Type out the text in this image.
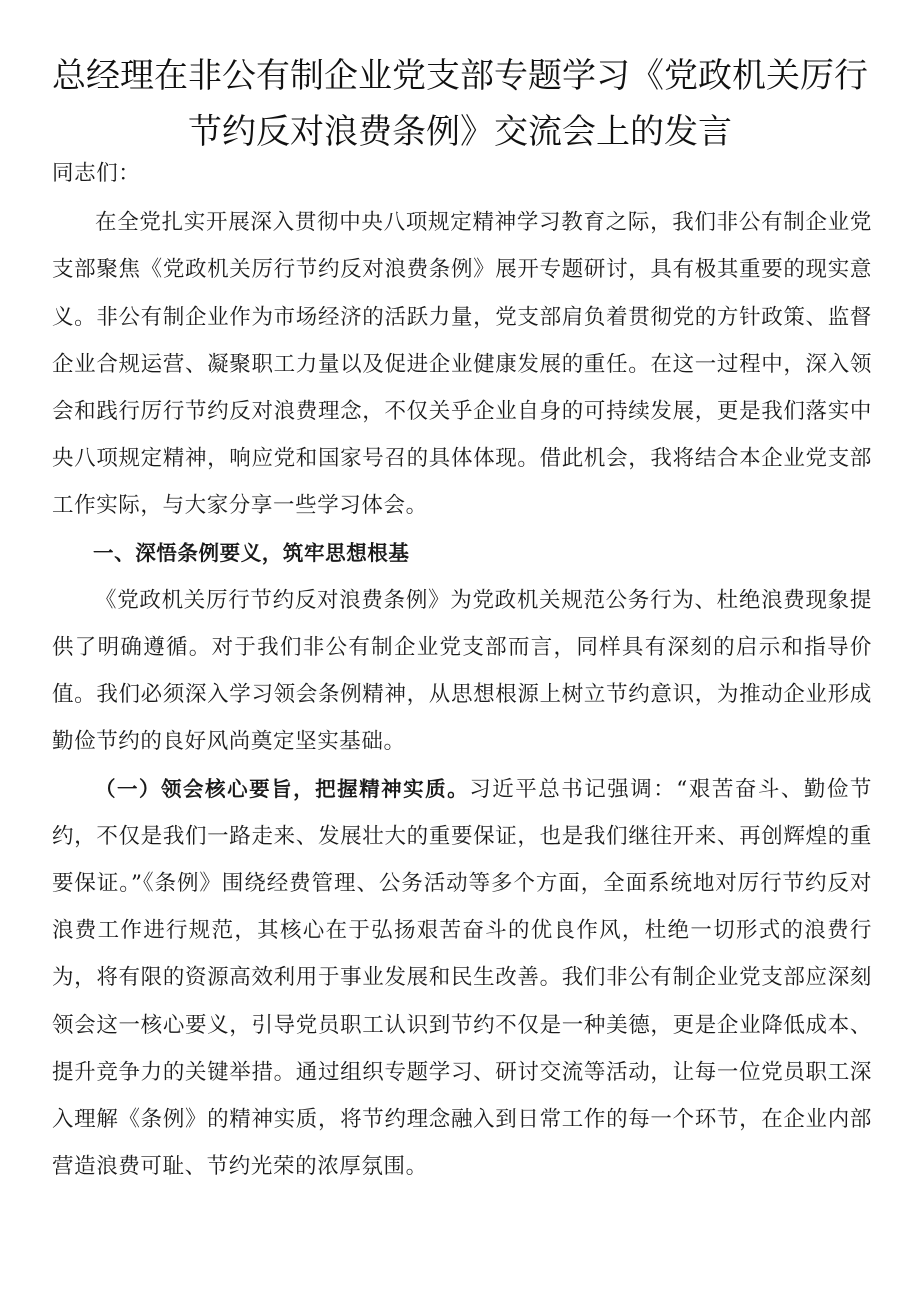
总经理在非公有制企业党支部专题学习《党政机关厉行
节约反对浪费条例》交流会上的发言

同志们：

在全党扎实开展深入贯彻中央八项规定精神学习教育之际，我们非公有制企业党支部聚焦《党政机关厉行节约反对浪费条例》展开专题研讨，具有极其重要的现实意义。非公有制企业作为市场经济的活跃力量，党支部肩负着贯彻党的方针政策、监督企业合规运营、凝聚职工力量以及促进企业健康发展的重任。在这一过程中，深入领会和践行厉行节约反对浪费理念，不仅关乎企业自身的可持续发展，更是我们落实中央八项规定精神，响应党和国家号召的具体体现。借此机会，我将结合本企业党支部工作实际，与大家分享一些学习体会。

一、深悟条例要义，筑牢思想根基

《党政机关厉行节约反对浪费条例》为党政机关规范公务行为、杜绝浪费现象提供了明确遵循。对于我们非公有制企业党支部而言，同样具有深刻的启示和指导价值。我们必须深入学习领会条例精神，从思想根源上树立节约意识，为推动企业形成勤俭节约的良好风尚奠定坚实基础。

（一）领会核心要旨，把握精神实质。习近平总书记强调：“艰苦奋斗、勤俭节约，不仅是我们一路走来、发展壮大的重要保证，也是我们继往开来、再创辉煌的重要保证。”《条例》围绕经费管理、公务活动等多个方面，全面系统地对厉行节约反对浪费工作进行规范，其核心在于弘扬艰苦奋斗的优良作风，杜绝一切形式的浪费行为，将有限的资源高效利用于事业发展和民生改善。我们非公有制企业党支部应深刻领会这一核心要义，引导党员职工认识到节约不仅是一种美德，更是企业降低成本、提升竞争力的关键举措。通过组织专题学习、研讨交流等活动，让每一位党员职工深入理解《条例》的精神实质，将节约理念融入到日常工作的每一个环节，在企业内部营造浪费可耻、节约光荣的浓厚氛围。
